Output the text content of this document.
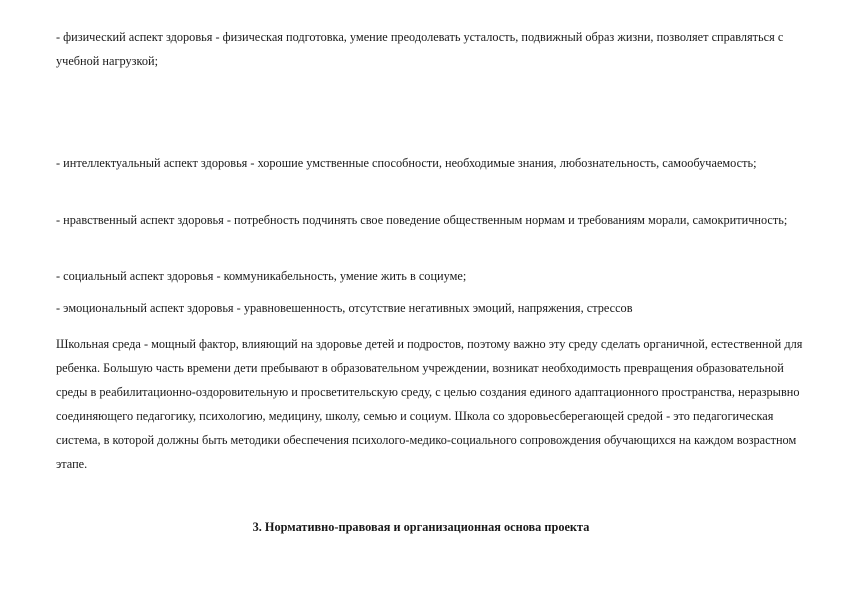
- физический аспект здоровья - физическая подготовка, умение преодолевать усталость, подвижный образ жизни, позволяет справляться с учебной нагрузкой;

- интеллектуальный аспект здоровья - хорошие умственные способности, необходимые знания, любознательность, самообучаемость;

- нравственный аспект здоровья - потребность подчинять свое поведение общественным нормам и требованиям морали, самокритичность;

- социальный аспект здоровья - коммуникабельность, умение жить в социуме;

- эмоциональный аспект здоровья - уравновешенность, отсутствие негативных эмоций, напряжения, стрессов

Школьная среда - мощный фактор, влияющий на здоровье детей и подростов, поэтому важно эту среду сделать органичной, естественной для ребенка. Большую часть времени дети пребывают в образовательном учреждении, возникат необходимость превращения образовательной среды в реабилитационно-оздоровительную и просветительскую среду, с целью создания единого адаптационного пространства, неразрывно соединяющего педагогику, психологию, медицину, школу, семью и социум. Школа со здоровьесберегающей средой - это педагогическая система, в которой должны быть методики обеспечения психолого-медико-социального сопровождения обучающихся на каждом возрастном этапе.

3. Нормативно-правовая и организационная основа проекта
